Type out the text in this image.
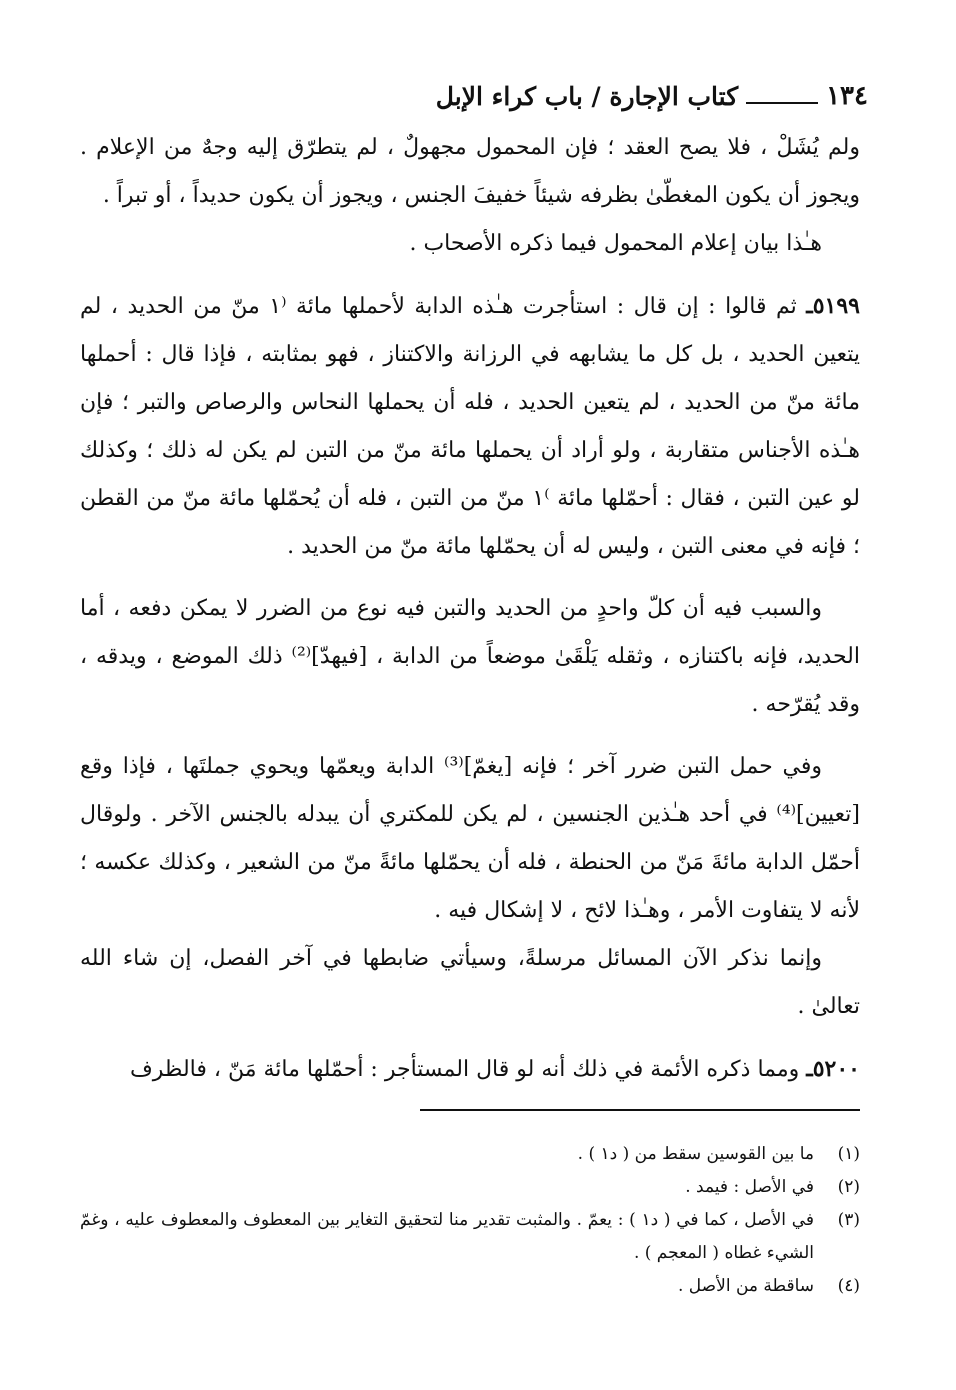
١٣٤
كتاب الإجارة / باب كراء الإبل

ولم يُشَلْ ، فلا يصح العقد ؛ فإن المحمول مجهولٌ ، لم يتطرّق إليه وجهٌ من الإعلام . ويجوز أن يكون المغطّىٰ بظرفه شيئاً خفيفَ الجنس ، ويجوز أن يكون حديداً ، أو تبراً .

هـٰذا بيان إعلام المحمول فيما ذكره الأصحاب .

٥١٩٩ـ ثم قالوا : إن قال : استأجرت هـٰذه الدابة لأحملها مائة ⁽١ منّ من الحديد ، لم يتعين الحديد ، بل كل ما يشابهه في الرزانة والاكتناز ، فهو بمثابته ، فإذا قال : أحملها مائة منّ من الحديد ، لم يتعين الحديد ، فله أن يحملها النحاس والرصاص والتبر ؛ فإن هـٰذه الأجناس متقاربة ، ولو أراد أن يحملها مائة منّ من التبن لم يكن له ذلك ؛ وكذلك لو عين التبن ، فقال : أحمّلها مائة ⁾١ منّ من التبن ، فله أن يُحمّلها مائة منّ من القطن ؛ فإنه في معنى التبن ، وليس له أن يحمّلها مائة منّ من الحديد .

والسبب فيه أن كلّ واحدٍ من الحديد والتبن فيه نوع من الضرر لا يمكن دفعه ، أما الحديد، فإنه باكتنازه ، وثقله يَلْقَىٰ موضعاً من الدابة ، [فيهدّ]⁽²⁾ ذلك الموضع ، ويدقه ، وقد يُقرّحه .

وفي حمل التبن ضرر آخر ؛ فإنه [يغمّ]⁽³⁾ الدابة ويعمّها ويحوي جملتَها ، فإذا وقع [تعيين]⁽⁴⁾ في أحد هـٰذين الجنسين ، لم يكن للمكتري أن يبدله بالجنس الآخر . ولوقال أحمّل الدابة مائةَ مَنّ من الحنطة ، فله أن يحمّلها مائةً منّ من الشعير ، وكذلك عكسه ؛ لأنه لا يتفاوت الأمر ، وهـٰذا لائح ، لا إشكال فيه .

وإنما نذكر الآن المسائل مرسلةً، وسيأتي ضابطها في آخر الفصل، إن شاء الله تعالىٰ .

٥٢٠٠ـ ومما ذكره الأئمة في ذلك أنه لو قال المستأجر : أحمّلها مائة مَنّ ، فالظرف

(١)
ما بين القوسين سقط من ( د١ ) .
(٢)
في الأصل : فيمد .
(٣)
في الأصل ، كما في ( د١ ) : يعمّ . والمثبت تقدير منا لتحقيق التغاير بين المعطوف والمعطوف عليه ، وغمّ الشيء غطاه ( المعجم ) .
(٤)
ساقطة من الأصل .
